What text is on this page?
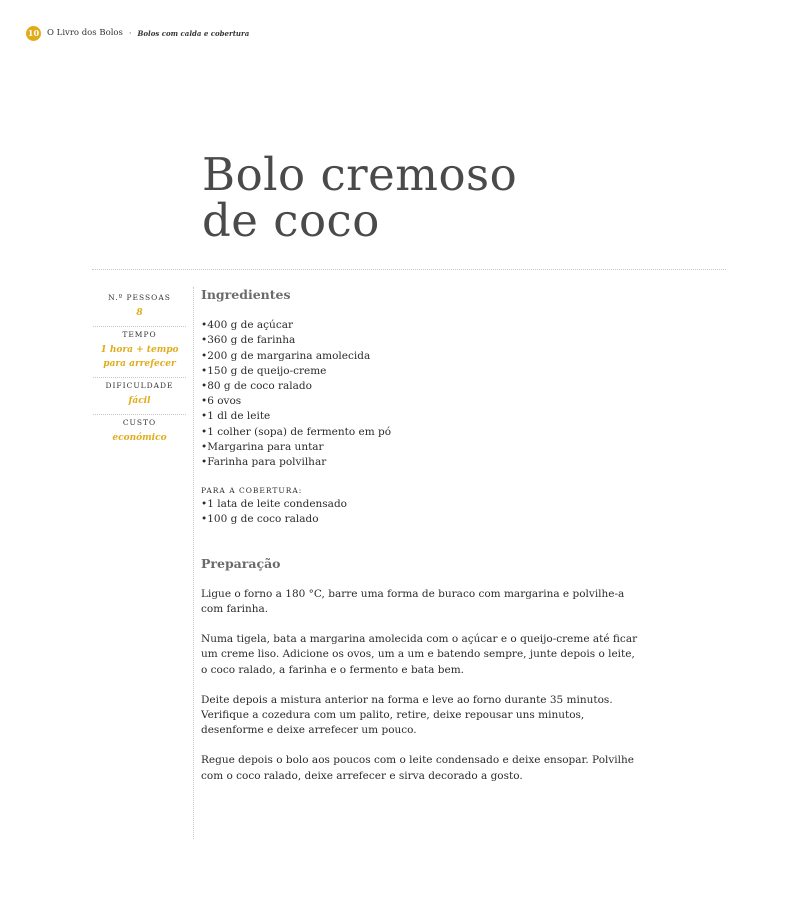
10 O Livro dos Bolos · Bolos com calda e cobertura
Bolo cremoso
de coco
N.º PESSOAS
8
TEMPO
1 hora + tempo para arrefecer
DIFICULDADE
fácil
CUSTO
económico
Ingredientes
• 400 g de açúcar
• 360 g de farinha
• 200 g de margarina amolecida
• 150 g de queijo-creme
• 80 g de coco ralado
• 6 ovos
• 1 dl de leite
• 1 colher (sopa) de fermento em pó
• Margarina para untar
• Farinha para polvilhar
PARA A COBERTURA:
• 1 lata de leite condensado
• 100 g de coco ralado
Preparação

Ligue o forno a 180 °C, barre uma forma de buraco com margarina e polvilhe-a com farinha.

Numa tigela, bata a margarina amolecida com o açúcar e o queijo-creme até ficar um creme liso. Adicione os ovos, um a um e batendo sempre, junte depois o leite, o coco ralado, a farinha e o fermento e bata bem.

Deite depois a mistura anterior na forma e leve ao forno durante 35 minutos. Verifique a cozedura com um palito, retire, deixe repousar uns minutos, desenforme e deixe arrefecer um pouco.

Regue depois o bolo aos poucos com o leite condensado e deixe ensopar. Polvilhe com o coco ralado, deixe arrefecer e sirva decorado a gosto.
